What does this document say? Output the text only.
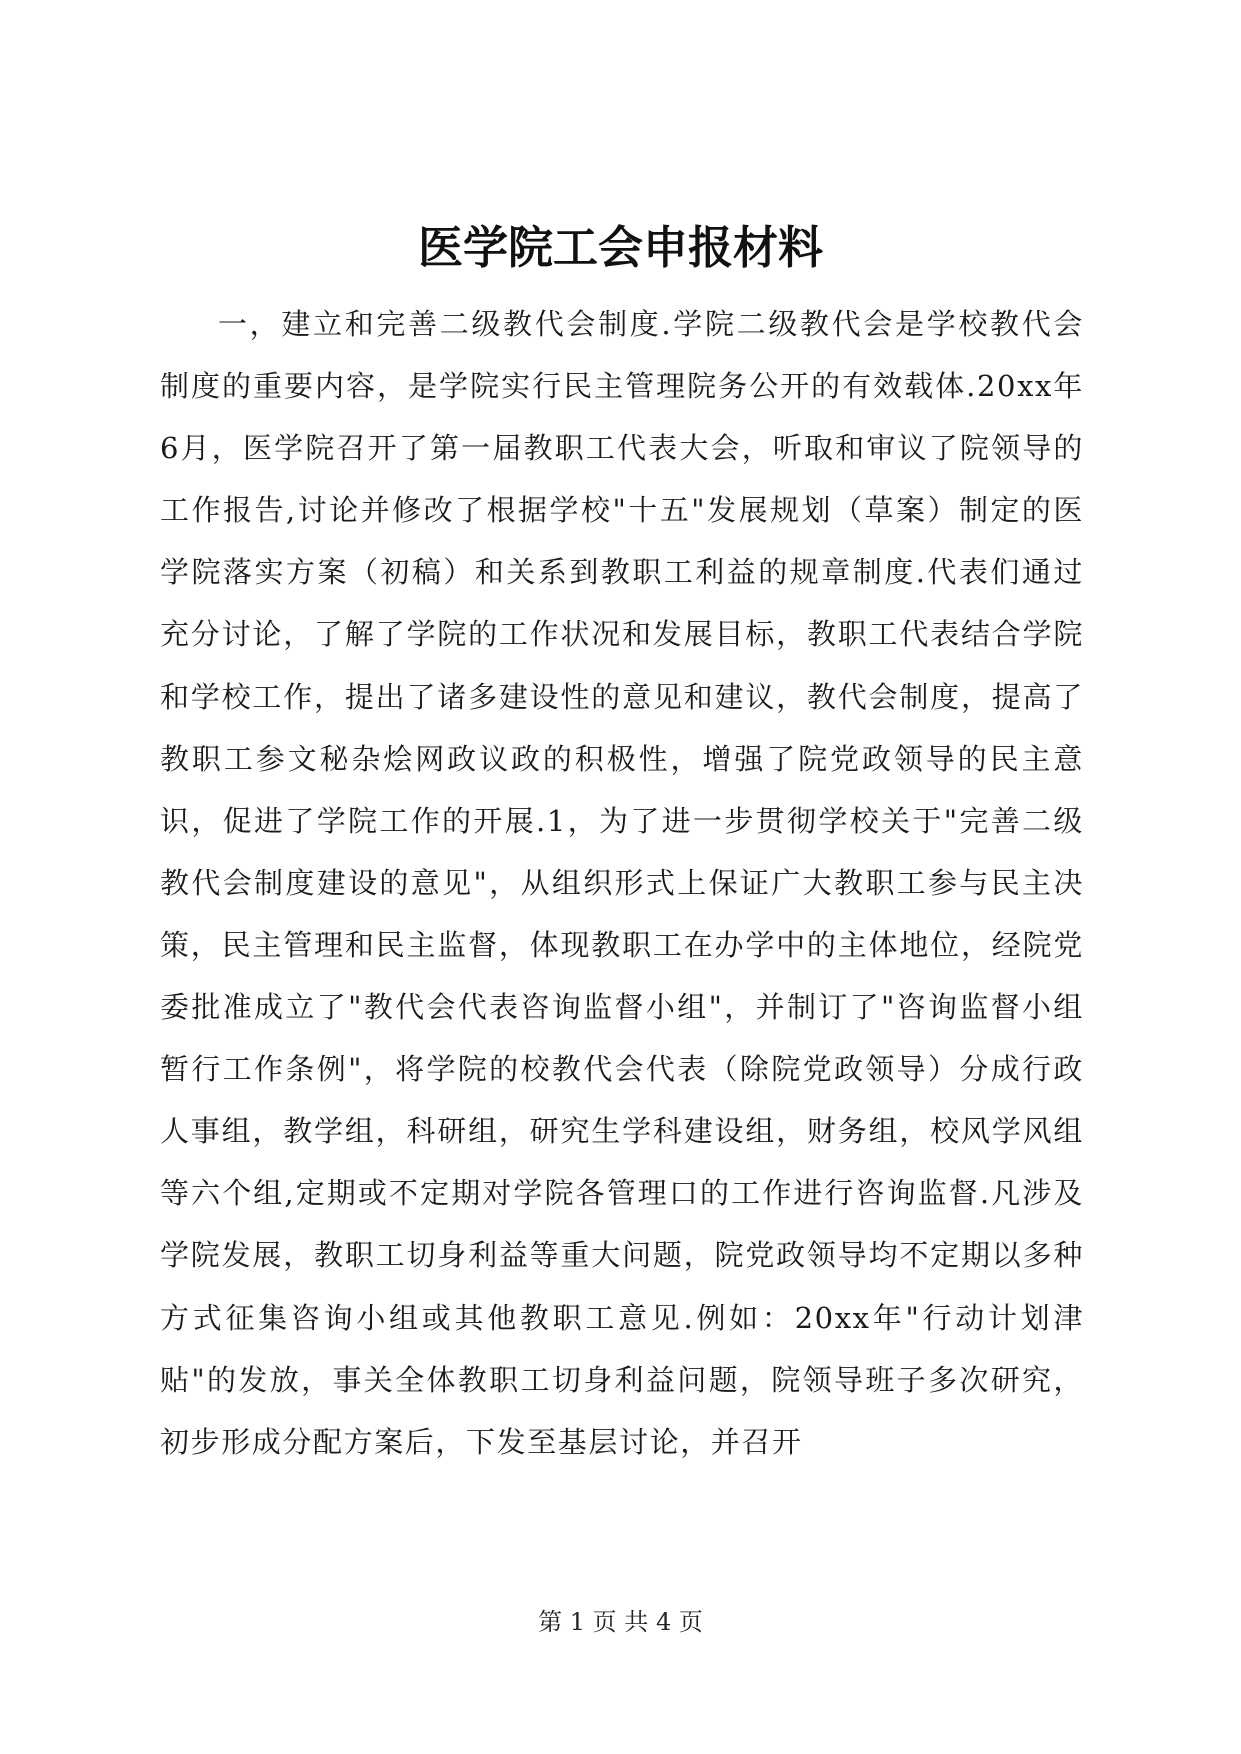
医学院工会申报材料

一，建立和完善二级教代会制度.学院二级教代会是学校教代会制度的重要内容，是学院实行民主管理院务公开的有效载体.20xx年6月，医学院召开了第一届教职工代表大会，听取和审议了院领导的工作报告,讨论并修改了根据学校"十五"发展规划（草案）制定的医学院落实方案（初稿）和关系到教职工利益的规章制度.代表们通过充分讨论，了解了学院的工作状况和发展目标，教职工代表结合学院和学校工作，提出了诸多建设性的意见和建议，教代会制度，提高了教职工参文秘杂烩网政议政的积极性，增强了院党政领导的民主意识，促进了学院工作的开展.1，为了进一步贯彻学校关于"完善二级教代会制度建设的意见"，从组织形式上保证广大教职工参与民主决策，民主管理和民主监督，体现教职工在办学中的主体地位，经院党委批准成立了"教代会代表咨询监督小组"，并制订了"咨询监督小组暂行工作条例"，将学院的校教代会代表（除院党政领导）分成行政人事组，教学组，科研组，研究生学科建设组，财务组，校风学风组等六个组,定期或不定期对学院各管理口的工作进行咨询监督.凡涉及学院发展，教职工切身利益等重大问题，院党政领导均不定期以多种方式征集咨询小组或其他教职工意见.例如：20xx年"行动计划津贴"的发放，事关全体教职工切身利益问题，院领导班子多次研究，初步形成分配方案后，下发至基层讨论，并召开

第 1 页 共 4 页
